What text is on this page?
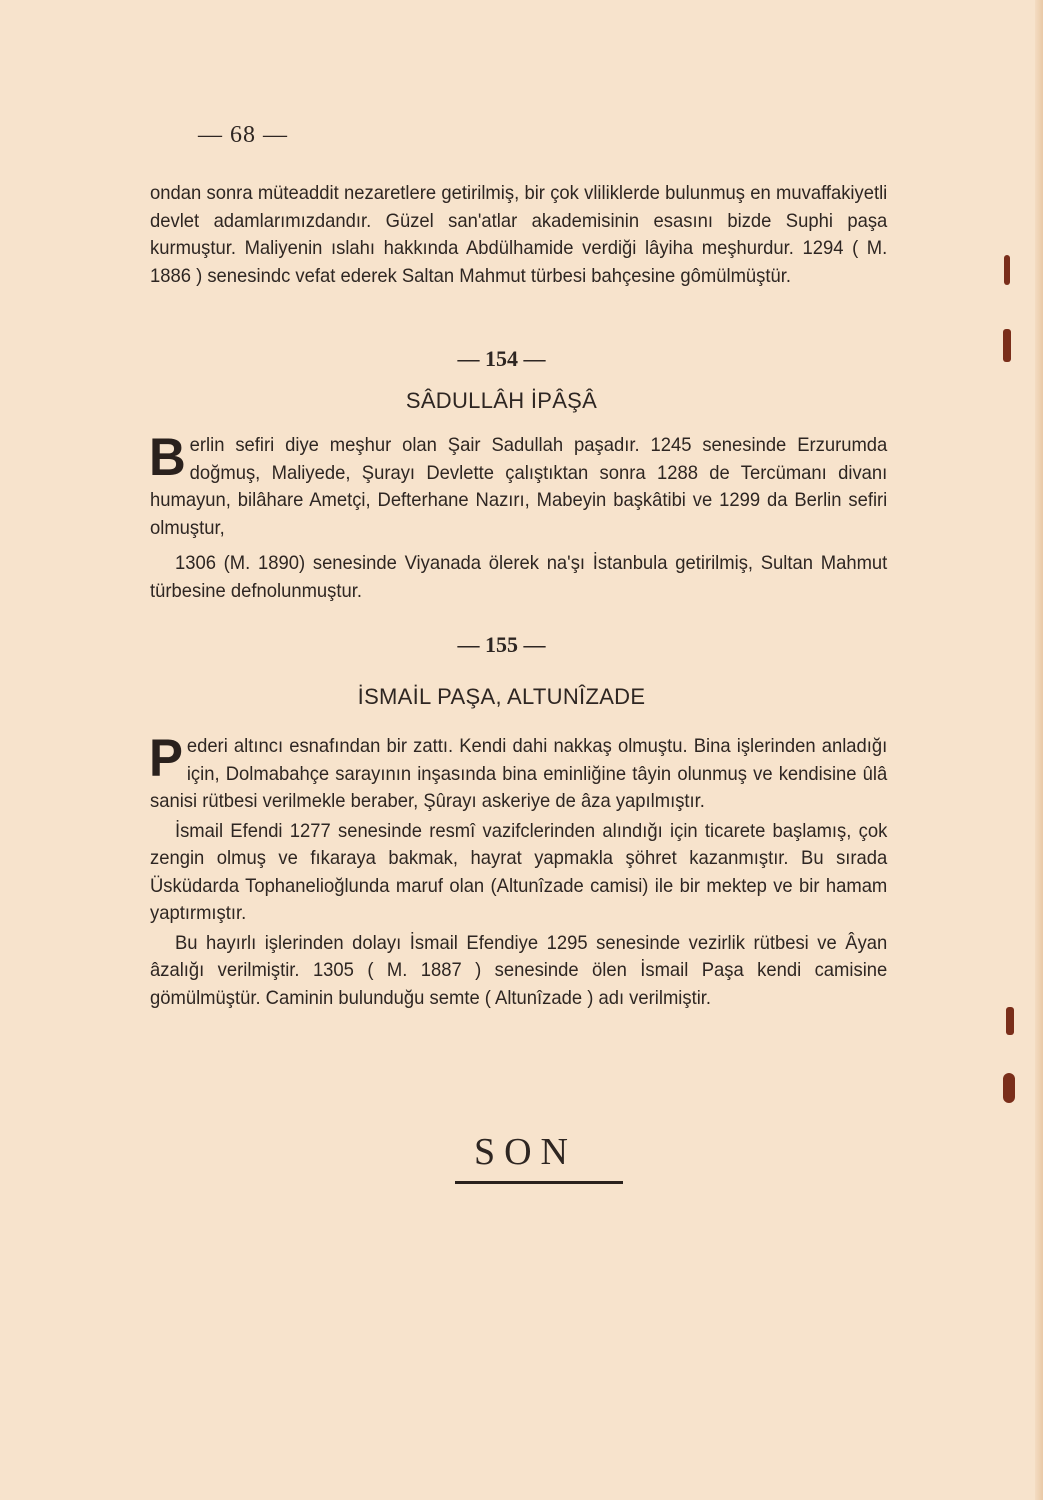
— 68 —

ondan sonra müteaddit nezaretlere getirilmiş, bir çok vliliklerde bulunmuş en muvaffakiyetli devlet adamlarımızdandır. Güzel san'atlar akademisinin esasını bizde Suphi paşa kurmuştur. Maliyenin ıslahı hakkında Abdülhamide verdiği lâyiha meşhurdur. 1294 ( M. 1886 ) senesindc vefat ederek Saltan Mahmut türbesi bahçesine gômülmüştür.

— 154 —
SÂDULLÂH İPÂŞÂ

B erlin sefiri diye meşhur olan Şair Sadullah paşadır. 1245 senesinde Erzurumda doğmuş, Maliyede, Şurayı Devlette çalıştıktan sonra 1288 de Tercümanı divanı humayun, bilâhare Ametçi, Defterhane Nazırı, Mabeyin başkâtibi ve 1299 da Berlin sefiri olmuştur,

1306 (M. 1890) senesinde Viyanada ölerek na'şı İstanbula getirilmiş, Sultan Mahmut türbesine defnolunmuştur.

— 155 —
İSMAİL PAŞA, ALTUNÎZADE

P ederi altıncı esnafından bir zattı. Kendi dahi nakkaş olmuştu. Bina işlerinden anladığı için, Dolmabahçe sarayının inşasında bina eminliğine tâyin olunmuş ve kendisine ûlâ sanisi rütbesi verilmekle beraber, Şûrayı askeriye de âza yapılmıştır.

İsmail Efendi 1277 senesinde resmî vazifclerinden alındığı için ticarete başlamış, çok zengin olmuş ve fıkaraya bakmak, hayrat yapmakla şöhret kazanmıştır. Bu sırada Üsküdarda Tophanelioğlunda maruf olan (Altunîzade camisi) ile bir mektep ve bir hamam yaptırmıştır.

Bu hayırlı işlerinden dolayı İsmail Efendiye 1295 senesinde vezirlik rütbesi ve Âyan âzalığı verilmiştir. 1305 ( M. 1887 ) senesinde ölen İsmail Paşa kendi camisine gömülmüştür. Caminin bulunduğu semte ( Altunîzade ) adı verilmiştir.

SON
